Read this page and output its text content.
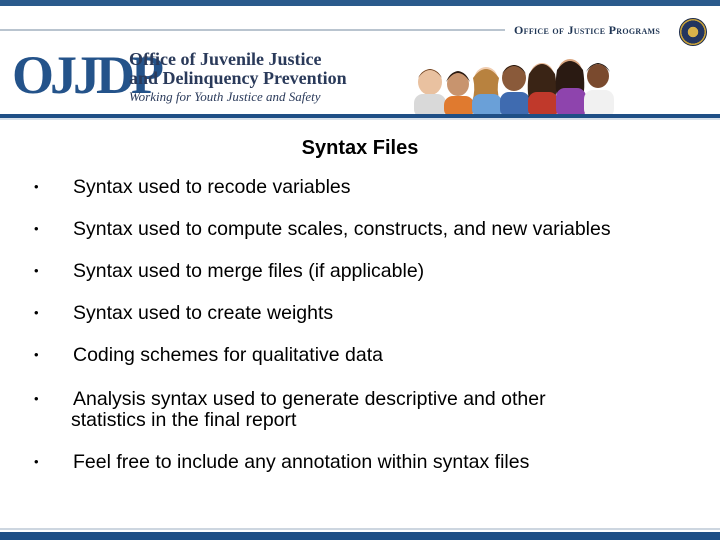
Office of Justice Programs
OJJDP
Office of Juvenile Justice
and Delinquency Prevention
Working for Youth Justice and Safety
Syntax Files
• Syntax used to recode variables
• Syntax used to compute scales, constructs, and new variables
• Syntax used to merge files (if applicable)
• Syntax used to create weights
• Coding schemes for qualitative data
• Analysis syntax used to generate descriptive and other
statistics in the final report
• Feel free to include any annotation within syntax files
